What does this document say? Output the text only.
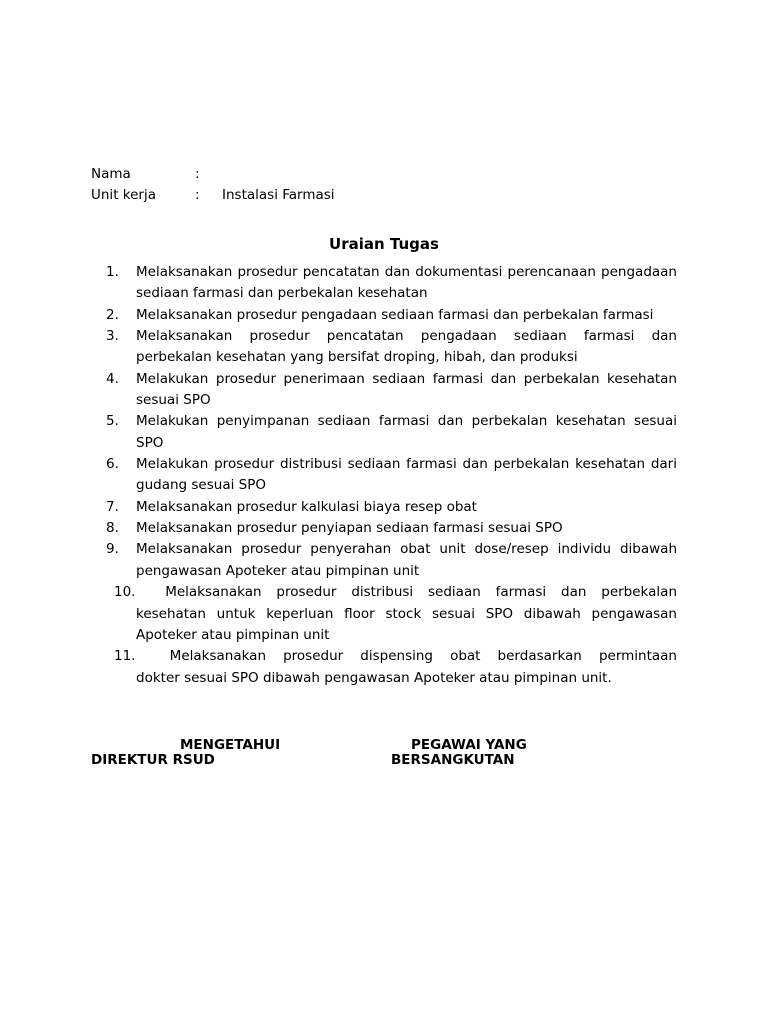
Nama	:
Unit kerja	: Instalasi Farmasi
Uraian Tugas
1.	Melaksanakan prosedur pencatatan dan dokumentasi perencanaan pengadaan sediaan farmasi dan perbekalan kesehatan
2.	Melaksanakan prosedur pengadaan sediaan farmasi dan perbekalan farmasi
3.	Melaksanakan prosedur pencatatan pengadaan sediaan farmasi dan perbekalan kesehatan yang bersifat droping, hibah, dan produksi
4.	Melakukan prosedur penerimaan sediaan farmasi dan perbekalan kesehatan sesuai SPO
5.	Melakukan penyimpanan sediaan farmasi dan perbekalan kesehatan sesuai SPO
6.	Melakukan prosedur distribusi sediaan farmasi dan perbekalan kesehatan dari gudang sesuai SPO
7.	Melaksanakan prosedur kalkulasi biaya resep obat
8.	Melaksanakan prosedur penyiapan sediaan farmasi sesuai SPO
9.	Melaksanakan prosedur penyerahan obat unit dose/resep individu dibawah pengawasan Apoteker atau pimpinan unit
10. Melaksanakan prosedur distribusi sediaan farmasi dan perbekalan
kesehatan untuk keperluan floor stock sesuai SPO dibawah pengawasan Apoteker atau pimpinan unit
11.	Melaksanakan prosedur dispensing obat berdasarkan permintaan
dokter sesuai SPO dibawah pengawasan Apoteker atau pimpinan unit.
MENGETAHUI
DIREKTUR RSUD
PEGAWAI YANG
BERSANGKUTAN
